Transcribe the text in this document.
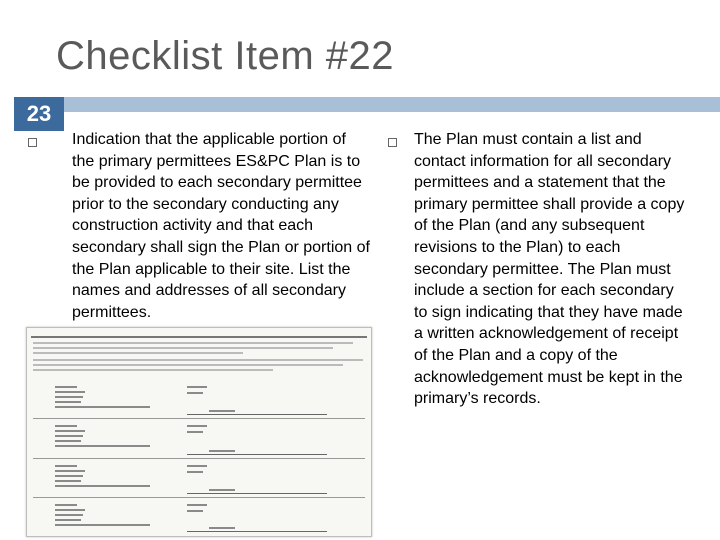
Checklist Item #22
23
Indication that the applicable portion of the primary permittees ES&PC Plan is to be provided to each secondary permittee prior to the secondary conducting any construction activity and that each secondary shall sign the Plan or portion of the Plan applicable to their site. List the names and addresses of all secondary permittees.
The Plan must contain a list and contact information for all secondary permittees and a statement that the primary permittee shall provide a copy of the Plan (and any subsequent revisions to the Plan) to each secondary permittee. The Plan must include a section for each secondary to sign indicating that they have made a written acknowledgement of receipt of the Plan and a copy of the acknowledgement must be kept in the primary’s records.
